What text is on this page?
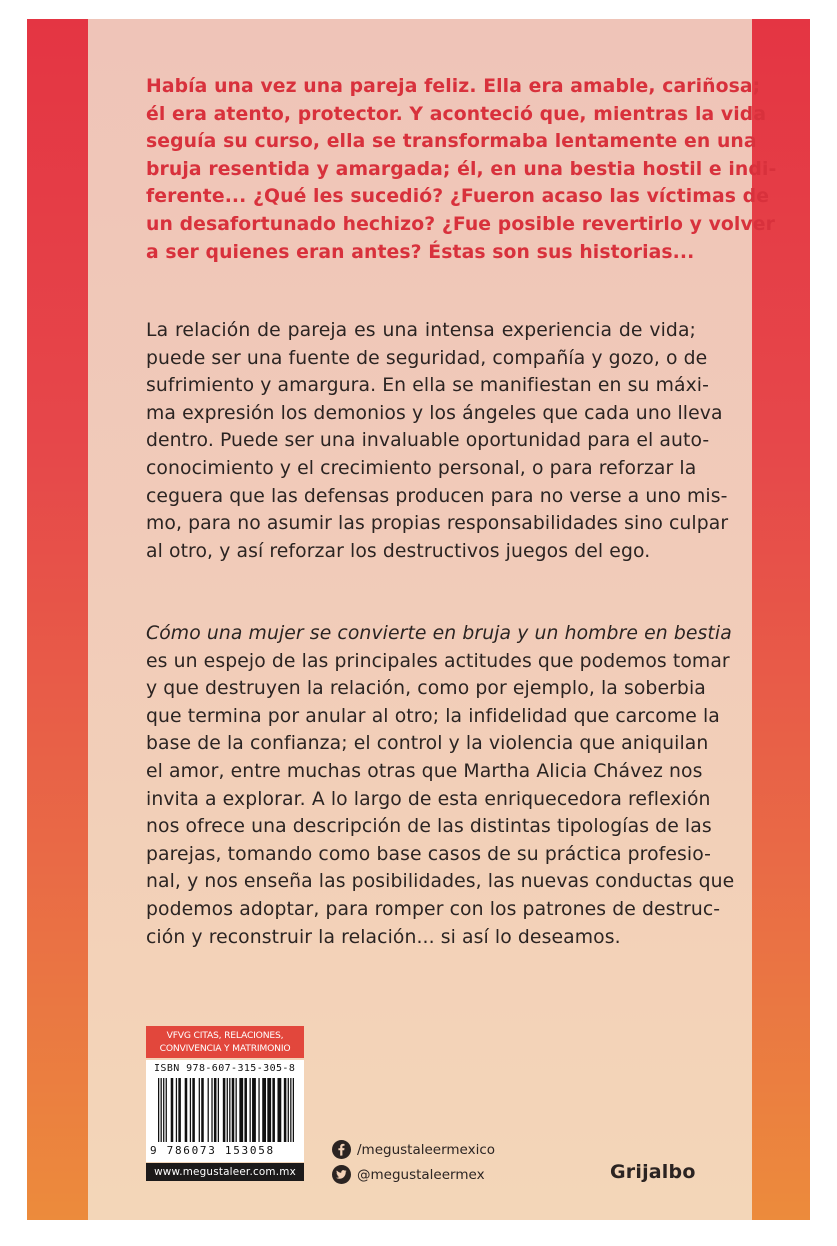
Había una vez una pareja feliz. Ella era amable, cariñosa;
él era atento, protector. Y aconteció que, mientras la vida
seguía su curso, ella se transformaba lentamente en una
bruja resentida y amargada; él, en una bestia hostil e indi-
ferente... ¿Qué les sucedió? ¿Fueron acaso las víctimas de
un desafortunado hechizo? ¿Fue posible revertirlo y volver
a ser quienes eran antes? Éstas son sus historias...
La relación de pareja es una intensa experiencia de vida;
puede ser una fuente de seguridad, compañía y gozo, o de
sufrimiento y amargura. En ella se manifiestan en su máxi-
ma expresión los demonios y los ángeles que cada uno lleva
dentro. Puede ser una invaluable oportunidad para el auto-
conocimiento y el crecimiento personal, o para reforzar la
ceguera que las defensas producen para no verse a uno mis-
mo, para no asumir las propias responsabilidades sino culpar
al otro, y así reforzar los destructivos juegos del ego.
Cómo una mujer se convierte en bruja y un hombre en bestia
es un espejo de las principales actitudes que podemos tomar
y que destruyen la relación, como por ejemplo, la soberbia
que termina por anular al otro; la infidelidad que carcome la
base de la confianza; el control y la violencia que aniquilan
el amor, entre muchas otras que Martha Alicia Chávez nos
invita a explorar. A lo largo de esta enriquecedora reflexión
nos ofrece una descripción de las distintas tipologías de las
parejas, tomando como base casos de su práctica profesio-
nal, y nos enseña las posibilidades, las nuevas conductas que
podemos adoptar, para romper con los patrones de destruc-
ción y reconstruir la relación... si así lo deseamos.
VFVG CITAS, RELACIONES,
CONVIVENCIA Y MATRIMONIO
ISBN 978-607-315-305-8
9 786073 153058
www.megustaleer.com.mx
/megustaleermexico
@megustaleermex	Grijalbo
